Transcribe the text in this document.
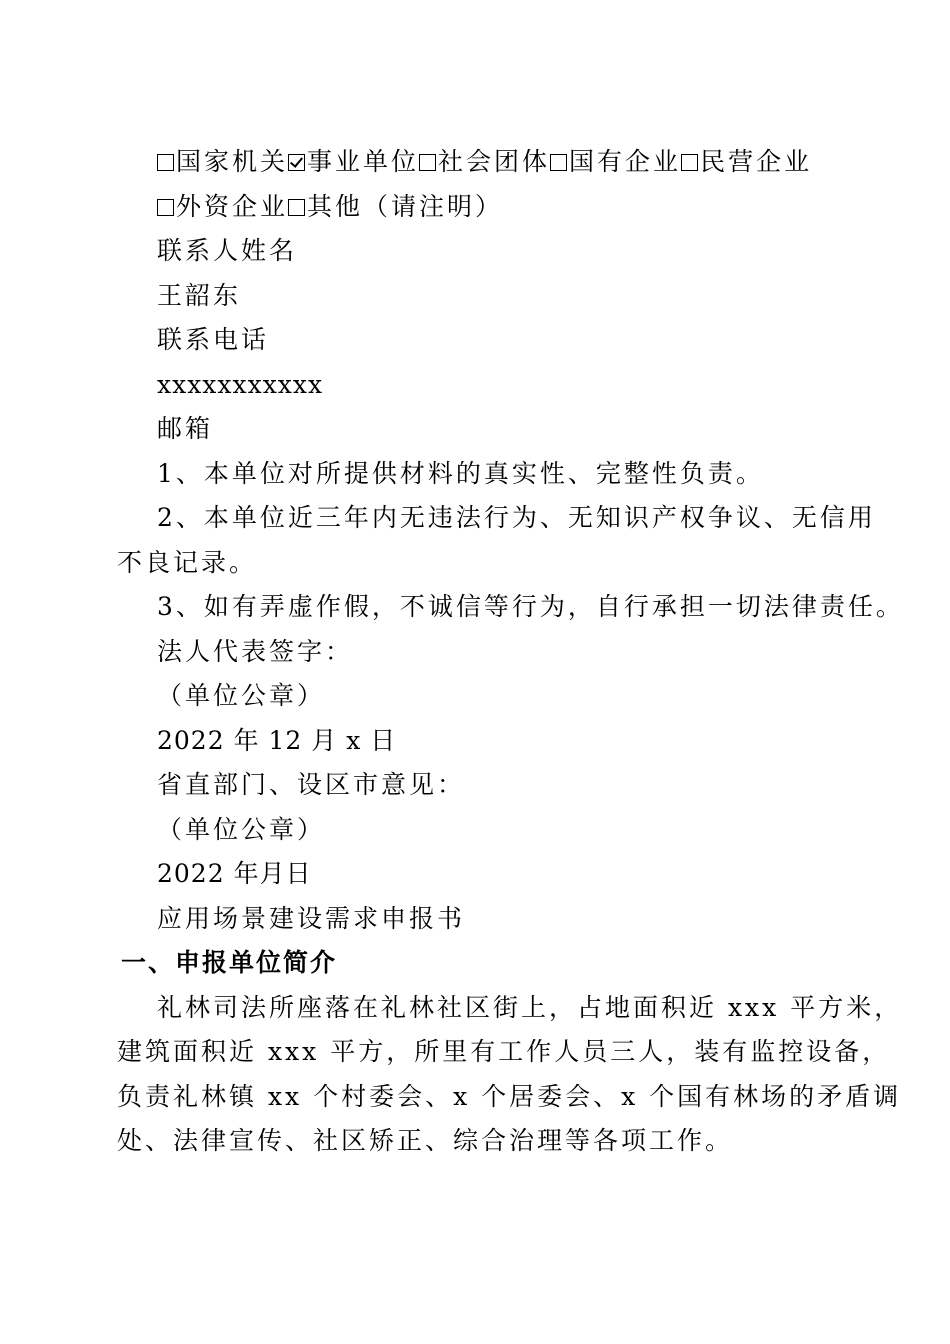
国家机关 事业单位 社会团体 国有企业 民营企业
外资企业 其他（请注明）

联系人姓名

王韶东

联系电话

xxxxxxxxxxx

邮箱

1、本单位对所提供材料的真实性、完整性负责。

2、本单位近三年内无违法行为、无知识产权争议、无信用

不良记录。

3、如有弄虚作假，不诚信等行为，自行承担一切法律责任。

法人代表签字：

（单位公章）

2022 年 12 月 x 日

省直部门、设区市意见：

（单位公章）

2022 年月日

应用场景建设需求申报书

一、申报单位简介

礼林司法所座落在礼林社区街上，占地面积近 xxx 平方米，

建筑面积近 xxx 平方，所里有工作人员三人，装有监控设备，

负责礼林镇 xx 个村委会、x 个居委会、x 个国有林场的矛盾调

处、法律宣传、社区矫正、综合治理等各项工作。
